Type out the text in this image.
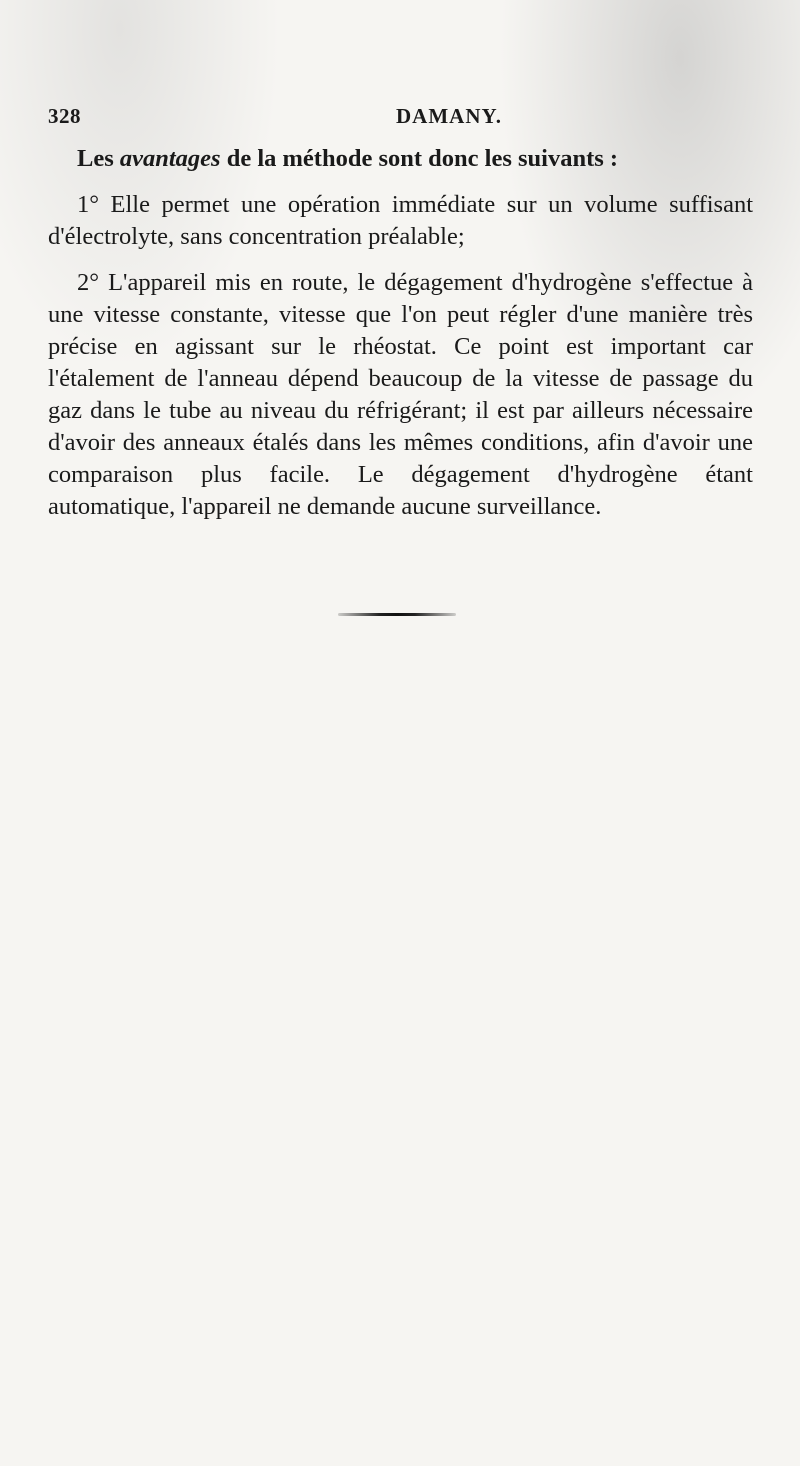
328	DAMANY.

Les avantages de la méthode sont donc les suivants :

1° Elle permet une opération immédiate sur un volume suffisant d'électrolyte, sans concentration préalable;

2° L'appareil mis en route, le dégagement d'hydrogène s'effectue à une vitesse constante, vitesse que l'on peut régler d'une manière très précise en agissant sur le rhéostat. Ce point est important car l'étalement de l'anneau dépend beaucoup de la vitesse de passage du gaz dans le tube au niveau du réfrigérant; il est par ailleurs nécessaire d'avoir des anneaux étalés dans les mêmes conditions, afin d'avoir une comparaison plus facile. Le dégagement d'hydrogène étant automatique, l'appareil ne demande aucune surveillance.
